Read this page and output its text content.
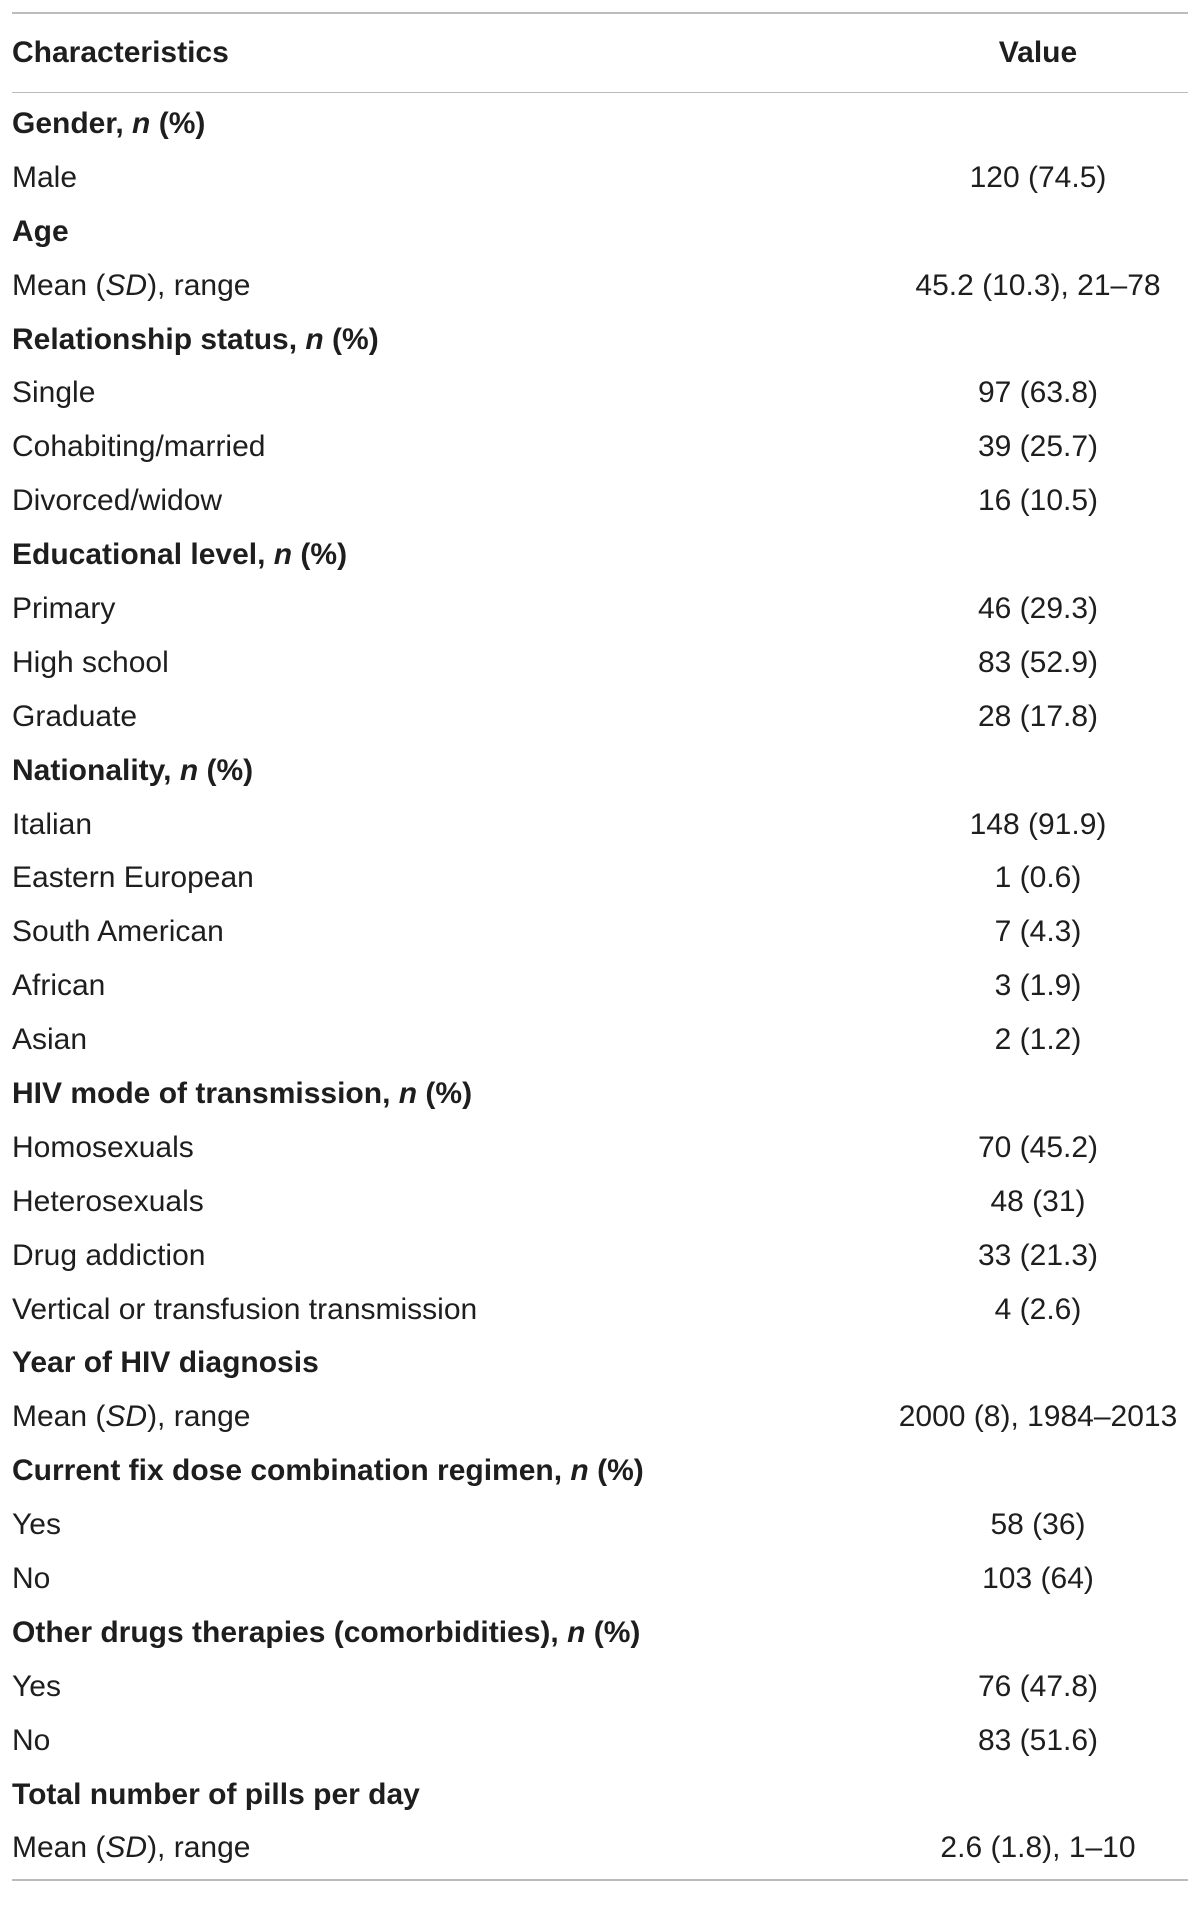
Characteristics	Value
Gender, n (%)
Male	120 (74.5)
Age
Mean (SD), range	45.2 (10.3), 21–78
Relationship status, n (%)
Single	97 (63.8)
Cohabiting/married	39 (25.7)
Divorced/widow	16 (10.5)
Educational level, n (%)
Primary	46 (29.3)
High school	83 (52.9)
Graduate	28 (17.8)
Nationality, n (%)
Italian	148 (91.9)
Eastern European	1 (0.6)
South American	7 (4.3)
African	3 (1.9)
Asian	2 (1.2)
HIV mode of transmission, n (%)
Homosexuals	70 (45.2)
Heterosexuals	48 (31)
Drug addiction	33 (21.3)
Vertical or transfusion transmission	4 (2.6)
Year of HIV diagnosis
Mean (SD), range	2000 (8), 1984–2013
Current fix dose combination regimen, n (%)
Yes	58 (36)
No	103 (64)
Other drugs therapies (comorbidities), n (%)
Yes	76 (47.8)
No	83 (51.6)
Total number of pills per day
Mean (SD), range	2.6 (1.8), 1–10
